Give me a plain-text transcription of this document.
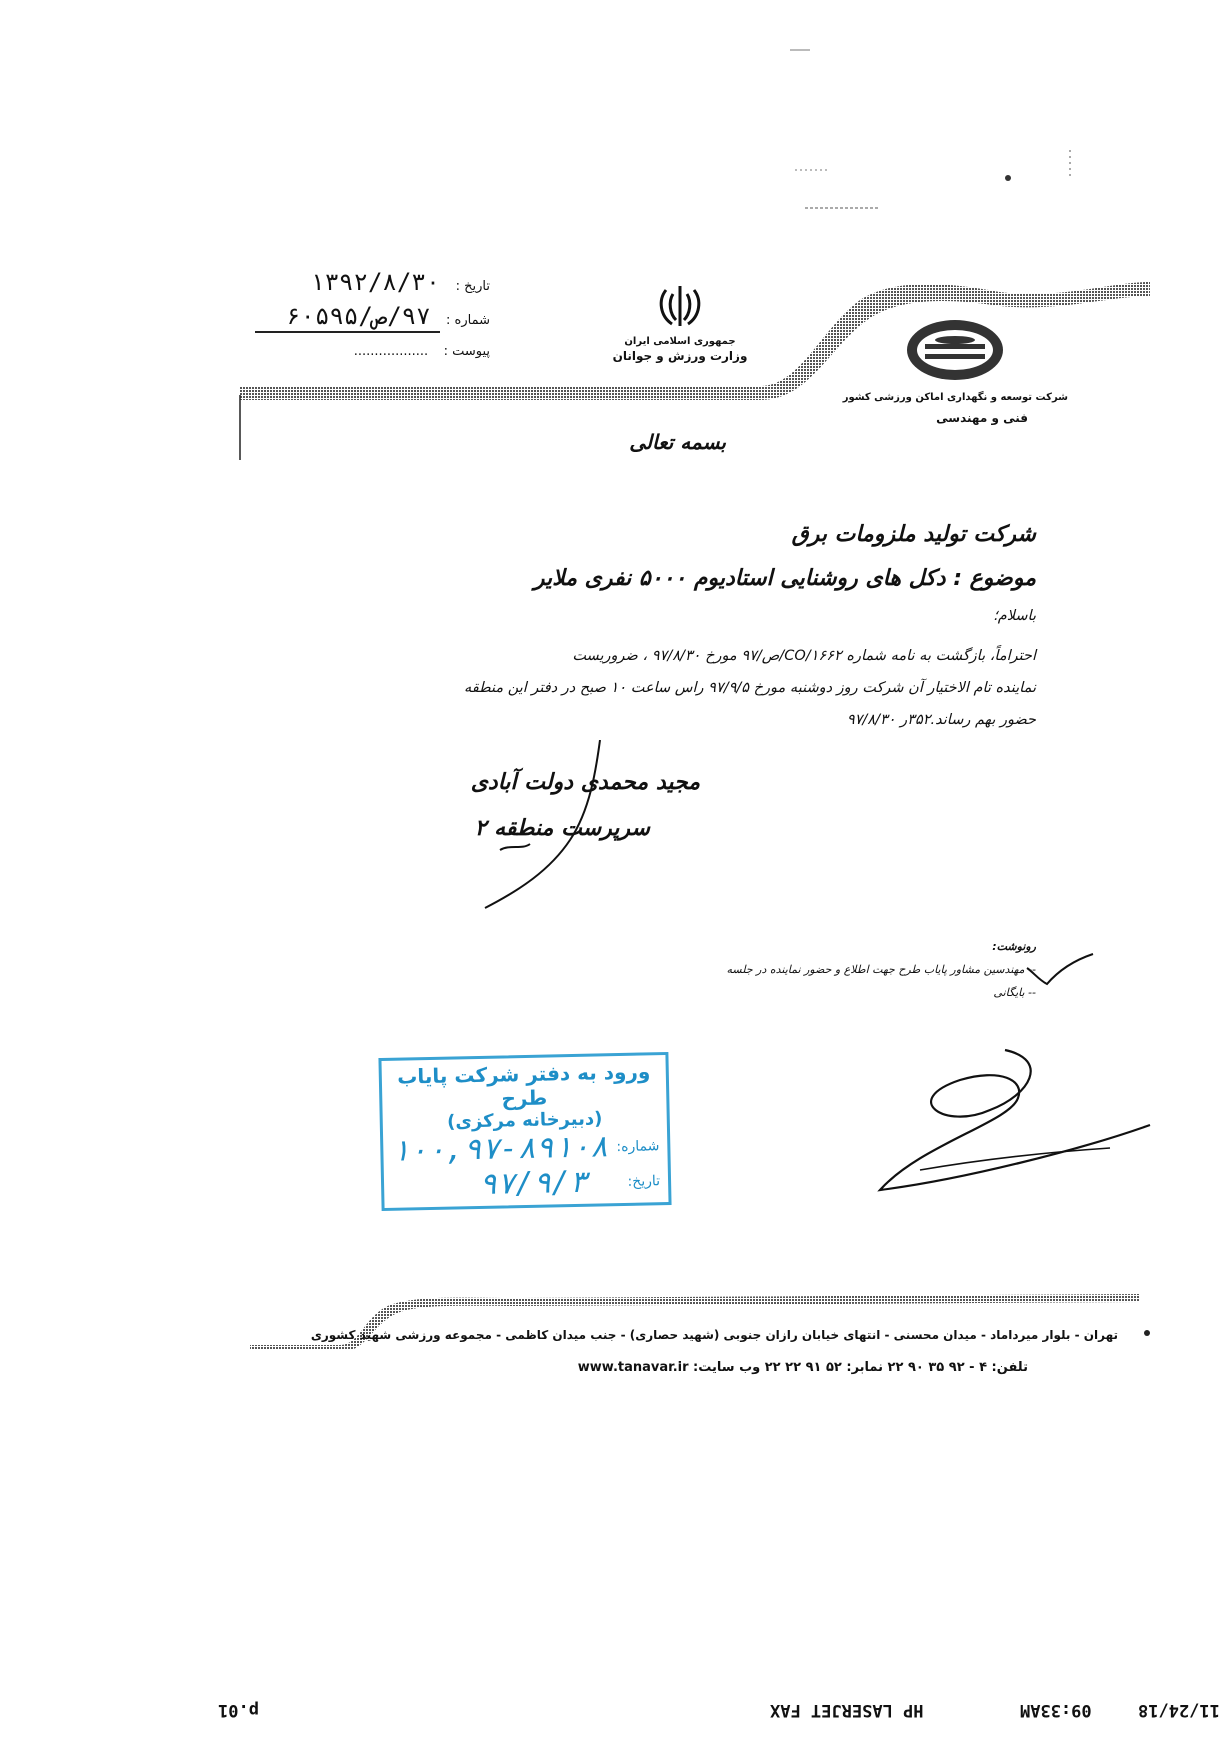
تاریخ : ۱۳۹۲/۸/۳۰
شماره : ۹۷/ص/۶۰۵۹۵
پیوست : ..................
جمهوری اسلامی ایران
وزارت ورزش و جوانان
شرکت توسعه و نگهداری اماکن ورزشی کشور
فنی و مهندسی
بسمه تعالی
شرکت تولید ملزومات برق
موضوع : دکل های روشنایی استادیوم ۵۰۰۰ نفری ملایر
باسلام؛
احتراماً، بازگشت به نامه شماره ۱۶۶۲/CO/ص/۹۷ مورخ ۹۷/۸/۳۰ ، ضروریست
نماینده تام الاختیار آن شرکت روز دوشنبه مورخ ۹۷/۹/۵ راس ساعت ۱۰ صبح در دفتر این منطقه
حضور بهم رساند.۳۵۲ر ۹۷/۸/۳۰
مجید محمدی دولت آبادی
سرپرست منطقه ۲
رونوشت:
-- مهندسین مشاور پایاب طرح جهت اطلاع و حضور نماینده در جلسه
-- بایگانی
ورود به دفتر شرکت پایاب طرح
(دبیرخانه مرکزی)
شماره:
۱۰۰,۹۷-۸۹۱۰۸
تاریخ:
۹۷/۹/۳
تهران - بلوار میرداماد - میدان محسنی - انتهای خیابان رازان جنوبی (شهید حصاری) - جنب میدان کاظمی - مجموعه ورزشی شهید کشوری
تلفن: ۴ - ۹۲ ۳۵ ۹۰ ۲۲ نمابر: ۵۲ ۹۱ ۲۲ ۲۲ وب سایت: www.tanavar.ir
p.01	HP LASERJET FAX	09:33AM	11/24/18
